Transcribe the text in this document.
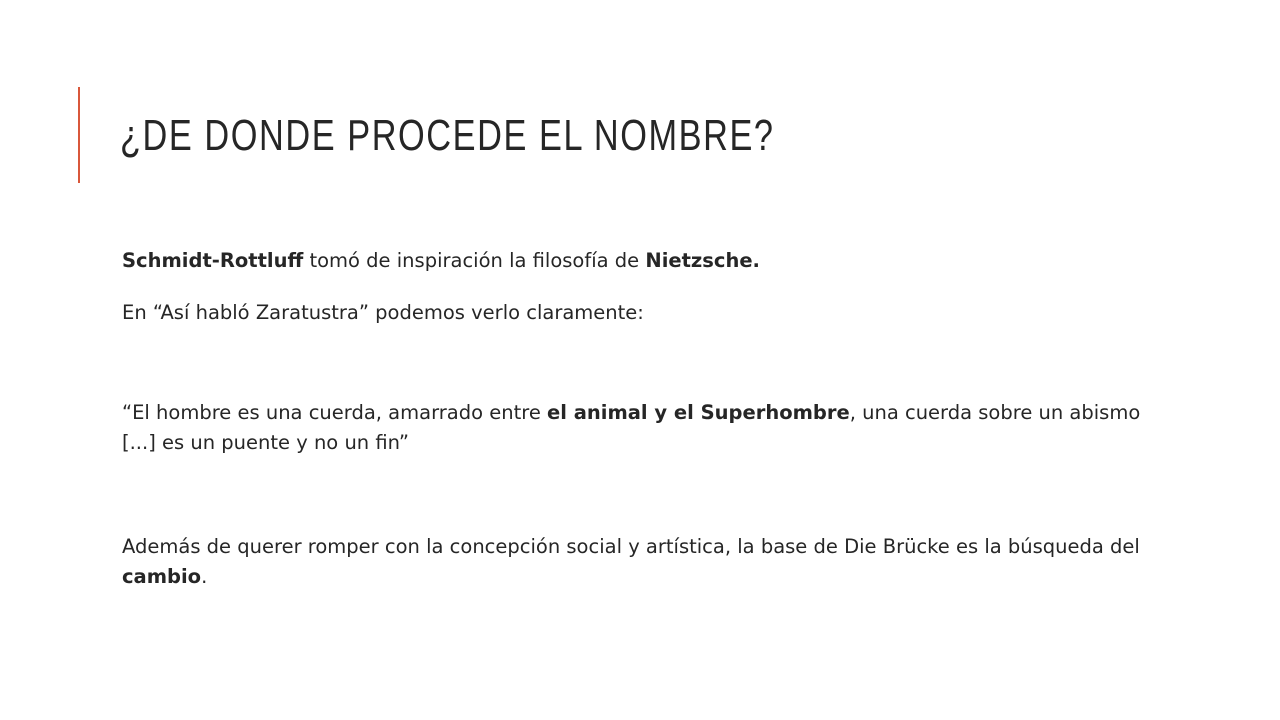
¿DE DONDE PROCEDE EL NOMBRE?

Schmidt-Rottluff tomó de inspiración la filosofía de Nietzsche.

En “Así habló Zaratustra” podemos verlo claramente:

“El hombre es una cuerda, amarrado entre el animal y el Superhombre, una cuerda sobre un abismo [...] es un puente y no un fin”

Además de querer romper con la concepción social y artística, la base de Die Brücke es la búsqueda del cambio.
